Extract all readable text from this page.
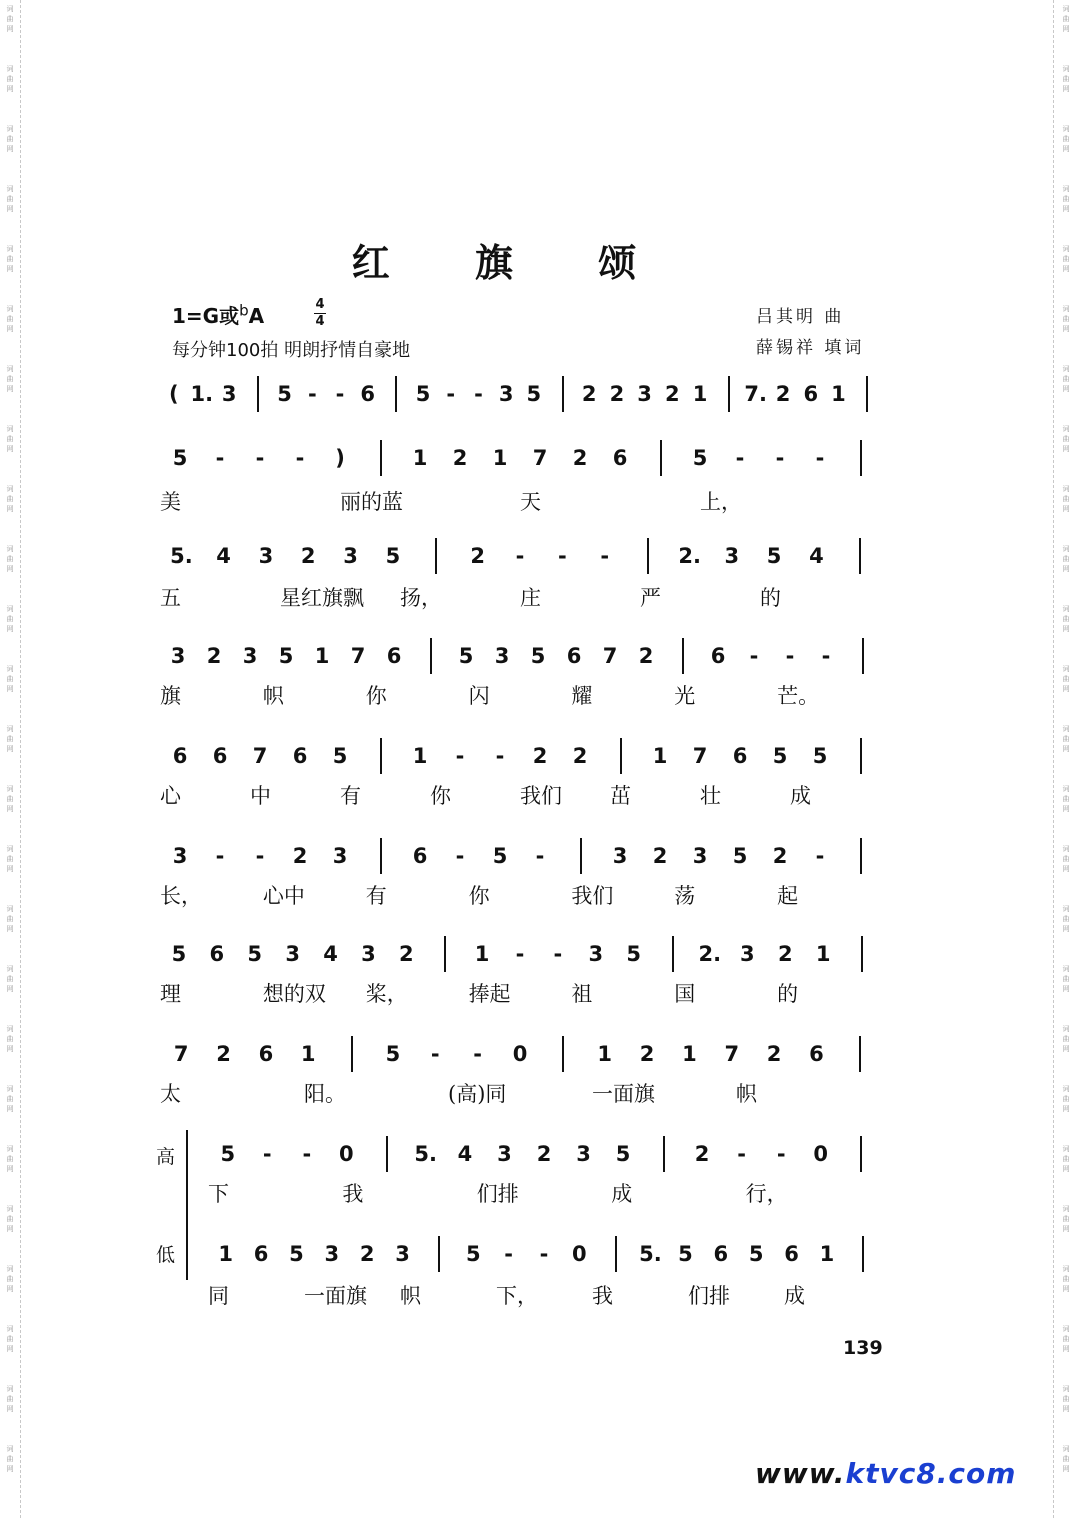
词
曲
网
词
曲
网
词
曲
网
词
曲
网
词
曲
网
词
曲
网
词
曲
网
词
曲
网
词
曲
网
词
曲
网
词
曲
网
词
曲
网
词
曲
网
词
曲
网
词
曲
网
词
曲
网
词
曲
网
词
曲
网
词
曲
网
词
曲
网
词
曲
网
词
曲
网
词
曲
网
词
曲
网
词
曲
网
词
曲
网
词
曲
网
词
曲
网
词
曲
网
词
曲
网
词
曲
网
词
曲
网
词
曲
网
词
曲
网
词
曲
网
词
曲
网
词
曲
网
词
曲
网
词
曲
网
词
曲
网
词
曲
网
词
曲
网
词
曲
网
词
曲
网
词
曲
网
词
曲
网
词
曲
网
词
曲
网
词
曲
网
词
曲
网
红 旗 颂
1=G或$^b$A	4
4
每分钟100拍 明朗抒情自豪地
吕其明 曲
薛锡祥 填词
( 1. 3 5 - - 6 5 - - 3 5 2 2 3 2 1 7. 2 6 1
5	-	-	-	)	1 2 1 7 2 6	5	-	-	-
美	丽的蓝	天	上，
5. 4 3 2 3 5	2	-	-	-	2. 3 5 4
五	星红旗飘 扬，	庄	严	的
3 2 3 5 1 7 6	5 3 5 6 7 2	6	-	-	-
旗	帜	你	闪	耀	光	芒。
6 6 7 6 5	1	-	-	2 2	1 7 6 5 5
心	中	有	你	我们 茁	壮	成
3	-	-	2 3	6	-	5	-	3 2 3 5 2	-
长，	心中	有	你	我们	荡	起
5 6 5 3 4 3 2	1	-	-	3 5	2. 3 2 1
理	想的双 桨，	捧起	祖	国	的
7 2 6 1	5	-	-	0	1 2 1 7 2 6
太	阳。	(高)同	一面旗	帜
5	-	-	0	5. 4 3 2 3 5	2	-	-	0
下	我	们排	成	行，
1 6 5 3 2 3	5	-	-	0 5. 5 6 5 6 1
同	一面旗 帜	下，	我	们排	成
高
低
139
www.ktvc8.com
